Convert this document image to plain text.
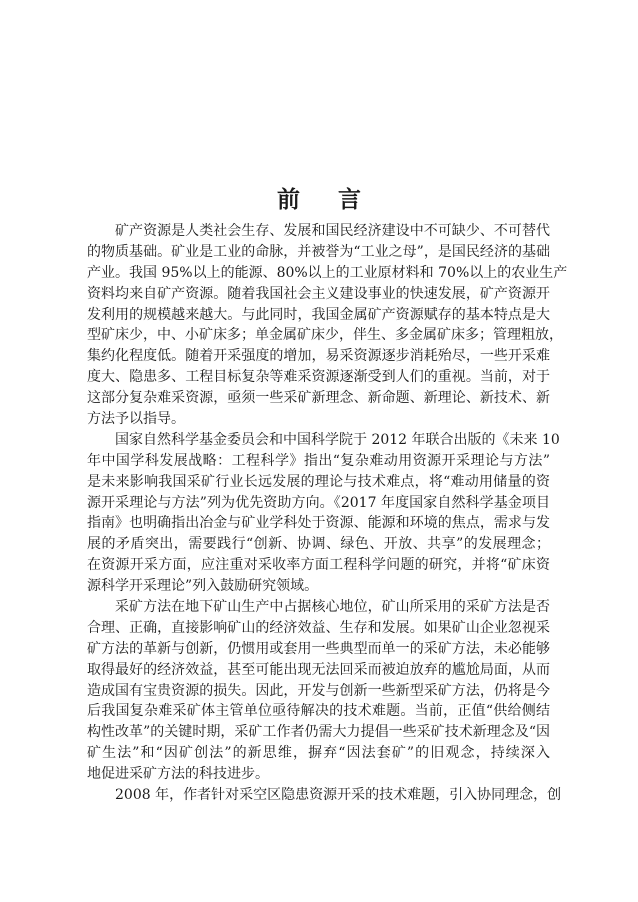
前 言
矿产资源是人类社会生存、发展和国民经济建设中不可缺少、不可替代
的物质基础。矿业是工业的命脉，并被誉为“工业之母”，是国民经济的基础
产业。我国 95%以上的能源、80%以上的工业原材料和 70%以上的农业生产
资料均来自矿产资源。随着我国社会主义建设事业的快速发展，矿产资源开
发利用的规模越来越大。与此同时，我国金属矿产资源赋存的基本特点是大
型矿床少，中、小矿床多；单金属矿床少，伴生、多金属矿床多；管理粗放，
集约化程度低。随着开采强度的增加，易采资源逐步消耗殆尽，一些开采难
度大、隐患多、工程目标复杂等难采资源逐渐受到人们的重视。当前，对于
这部分复杂难采资源，亟须一些采矿新理念、新命题、新理论、新技术、新
方法予以指导。
国家自然科学基金委员会和中国科学院于 2012 年联合出版的《未来 10
年中国学科发展战略：工程科学》指出“复杂难动用资源开采理论与方法”
是未来影响我国采矿行业长远发展的理论与技术难点，将“难动用储量的资
源开采理论与方法”列为优先资助方向。《2017 年度国家自然科学基金项目
指南》也明确指出冶金与矿业学科处于资源、能源和环境的焦点，需求与发
展的矛盾突出，需要践行“创新、协调、绿色、开放、共享”的发展理念；
在资源开采方面，应注重对采收率方面工程科学问题的研究，并将“矿床资
源科学开采理论”列入鼓励研究领域。
采矿方法在地下矿山生产中占据核心地位，矿山所采用的采矿方法是否
合理、正确，直接影响矿山的经济效益、生存和发展。如果矿山企业忽视采
矿方法的革新与创新，仍惯用或套用一些典型而单一的采矿方法，未必能够
取得最好的经济效益，甚至可能出现无法回采而被迫放弃的尴尬局面，从而
造成国有宝贵资源的损失。因此，开发与创新一些新型采矿方法，仍将是今
后我国复杂难采矿体主管单位亟待解决的技术难题。当前，正值“供给侧结
构性改革”的关键时期，采矿工作者仍需大力提倡一些采矿技术新理念及“因
矿生法”和“因矿创法”的新思维，摒弃“因法套矿”的旧观念，持续深入
地促进采矿方法的科技进步。
2008 年，作者针对采空区隐患资源开采的技术难题，引入协同理念，创
